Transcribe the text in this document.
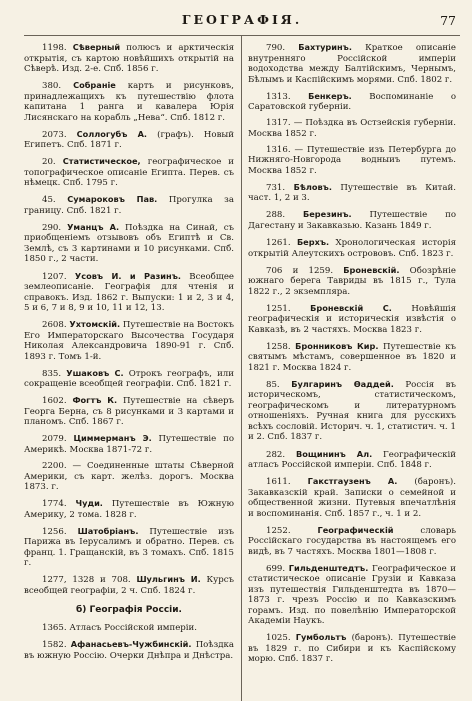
ГЕОГРАФІЯ.	77

1198. Сѣверный полюсъ и арктическія открытія, съ картою новѣйшихъ открытій на Сѣверѣ. Изд. 2-е. Спб. 1856 г.

380. Собраніе картъ и рисунковъ, принадлежащихъ къ путешествію флота капитана 1 ранга и кавалера Юрія Лисянскаго на корабль „Нева“. Спб. 1812 г.

2073. Соллогубъ А. (графъ). Новый Египетъ. Спб. 1871 г.

20. Статистическое, географическое и топографическое описаніе Египта. Перев. съ нѣмецк. Спб. 1795 г.

45. Сумароковъ Пав. Прогулка за границу. Спб. 1821 г.

290. Уманцъ А. Поѣздка на Синай, съ приобщеніемъ отзывовъ объ Египтѣ и Св. Землѣ, съ 3 картинами и 10 рисунками. Спб. 1850 г., 2 части.

1207. Усовъ И. и Разинъ. Всеобщее землеописаніе. Географія для чтенія и справокъ. Изд. 1862 г. Выпуски: 1 и 2, 3 и 4, 5 и 6, 7 и 8, 9 и 10, 11 и 12, 13.

2608. Ухтомскій. Путешествіе на Востокъ Его Императорскаго Высочества Государя Николая Александровича 1890-91 г. Спб. 1893 г. Томъ 1-й.

835. Ушаковъ С. Отрокъ географъ, или сокращеніе всеобщей географіи. Спб. 1821 г.

1602. Фогтъ К. Путешествіе на сѣверъ Георга Берна, съ 8 рисунками и 3 картами и планомъ. Спб. 1867 г.

2079. Циммерманъ Э. Путешествіе по Америкѣ. Москва 1871-72 г.

2200. — Соединенные штаты Сѣверной Америки, съ карт. желѣз. дорогъ. Москва 1873. г.

1774. Чуди. Путешествіе въ Южную Америку, 2 тома. 1828 г.

1256. Шатобріанъ. Путешествіе изъ Парижа въ Іерусалимъ и обратно. Перев. съ франц. 1. Гращанскій, въ 3 томахъ. Спб. 1815 г.

1277, 1328 и 708. Шульгинъ И. Курсъ всеобщей географіи, 2 ч. Спб. 1824 г.

б) Географія Россіи.

1365. Атласъ Россійской имперіи.

1582. Афанасьевъ-Чужбинскій. Поѣздка въ южную Россію. Очерки Днѣпра и Днѣстра.

790. Бахтуринъ. Краткое описаніе внутренняго Россійской имперіи водоходства между Балтійскимъ, Чернымъ, Бѣлымъ и Каспійскимъ морями. Спб. 1802 г.

1313. Бенкеръ. Воспоминаніе о Саратовской губерніи.

1317. — Поѣздка въ Остзейскія губерніи. Москва 1852 г.

1316. — Путешествіе изъ Петербурга до Нижняго-Новгорода водныиъ путемъ. Москва 1852 г.

731. Бѣловъ. Путешествіе въ Китай. част. 1, 2 и 3.

288. Березинъ. Путешествіе по Дагестану и Закавказью. Казань 1849 г.

1261. Берхъ. Хронологическая исторія открытій Алеутскихъ острововъ. Спб. 1823 г.

706 и 1259. Броневскій. Обозрѣніе южнаго берега Тавриды въ 1815 г., Тула 1822 г., 2 экземпляра.

1251. Броневскій С. Новѣйшія географическія и историческія извѣстія о Кавказѣ, въ 2 частяхъ. Москва 1823 г.

1258. Бронниковъ Кир. Путешествіе къ святымъ мѣстамъ, совершенное въ 1820 и 1821 г. Москва 1824 г.

85. Булгаринъ Ѳаддей. Россія въ историческомъ, статистическомъ, географическомъ и литературномъ отношеніяхъ. Ручная книга для русскихъ всѣхъ сословій. Историч. ч. 1, статистич. ч. 1 и 2. Спб. 1837 г.

282. Вощининъ Ал. Географическій атласъ Россійской имперіи. Спб. 1848 г.

1611. Гакстгаузенъ А. (баронъ). Закавказскій край. Записки о семейной и общественной жизни. Путевыя впечатлѣнія и воспоминанія. Спб. 1857 г., ч. 1 и 2.

1252.	Географическій	словарь Россійскаго государства въ настоящемъ его видѣ, въ 7 частяхъ. Москва 1801—1808 г.

699. Гильденштедтъ. Географическое и статистическое описаніе Грузіи и Кавказа изъ путешествія Гильденштедта въ 1870—1873 г. чрезъ Россію и по Кавказскимъ горамъ. Изд. по повелѣнію Императорской Академіи Наукъ.

1025. Гумбольтъ (баронъ). Путешествіе въ 1829 г. по Сибири и къ Каспійскому морю. Спб. 1837 г.
